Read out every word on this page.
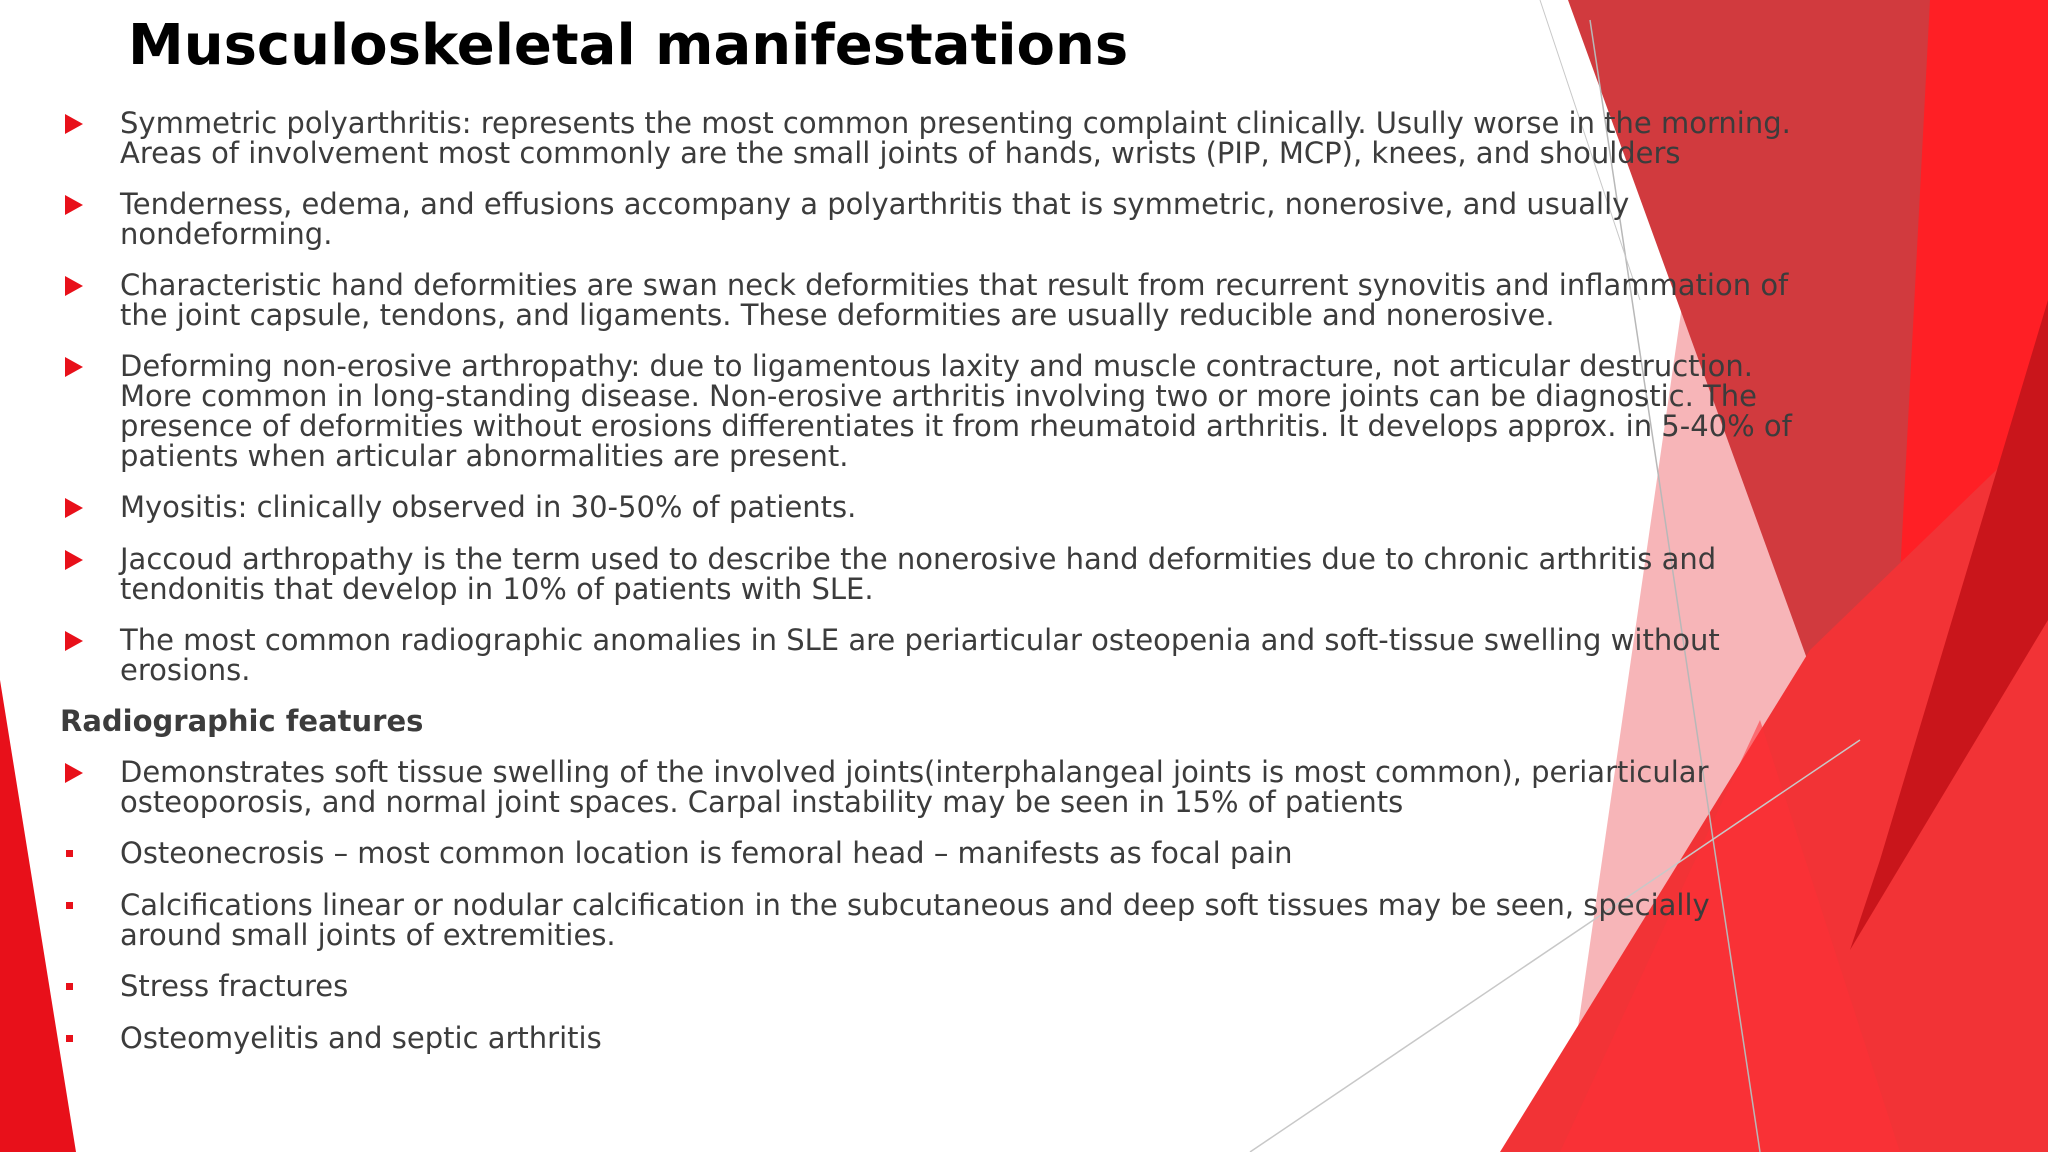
Musculoskeletal manifestations
Symmetric polyarthritis: represents the most common presenting complaint clinically. Usully worse in the morning. Areas of involvement most commonly are the small joints of hands, wrists (PIP, MCP), knees, and shoulders
Tenderness, edema, and effusions accompany a polyarthritis that is symmetric, nonerosive, and usually nondeforming.
Characteristic hand deformities are swan neck deformities that result from recurrent synovitis and inflammation of the joint capsule, tendons, and ligaments. These deformities are usually reducible and nonerosive.
Deforming non-erosive arthropathy: due to ligamentous laxity and muscle contracture, not articular destruction. More common in long-standing disease. Non-erosive arthritis involving two or more joints can be diagnostic. The presence of deformities without erosions differentiates it from rheumatoid arthritis. It develops approx. in 5-40% of patients when articular abnormalities are present.
Myositis: clinically observed in 30-50% of patients.
Jaccoud arthropathy is the term used to describe the nonerosive hand deformities due to chronic arthritis and tendonitis that develop in 10% of patients with SLE.
The most common radiographic anomalies in SLE are periarticular osteopenia and soft-tissue swelling without erosions.
Radiographic features
Demonstrates soft tissue swelling of the involved joints(interphalangeal joints is most common), periarticular osteoporosis, and normal joint spaces. Carpal instability may be seen in 15% of patients
Osteonecrosis – most common location is femoral head – manifests as focal pain
Calcifications linear or nodular calcification in the subcutaneous and deep soft tissues may be seen, specially around small joints of extremities.
Stress fractures
Osteomyelitis and septic arthritis
